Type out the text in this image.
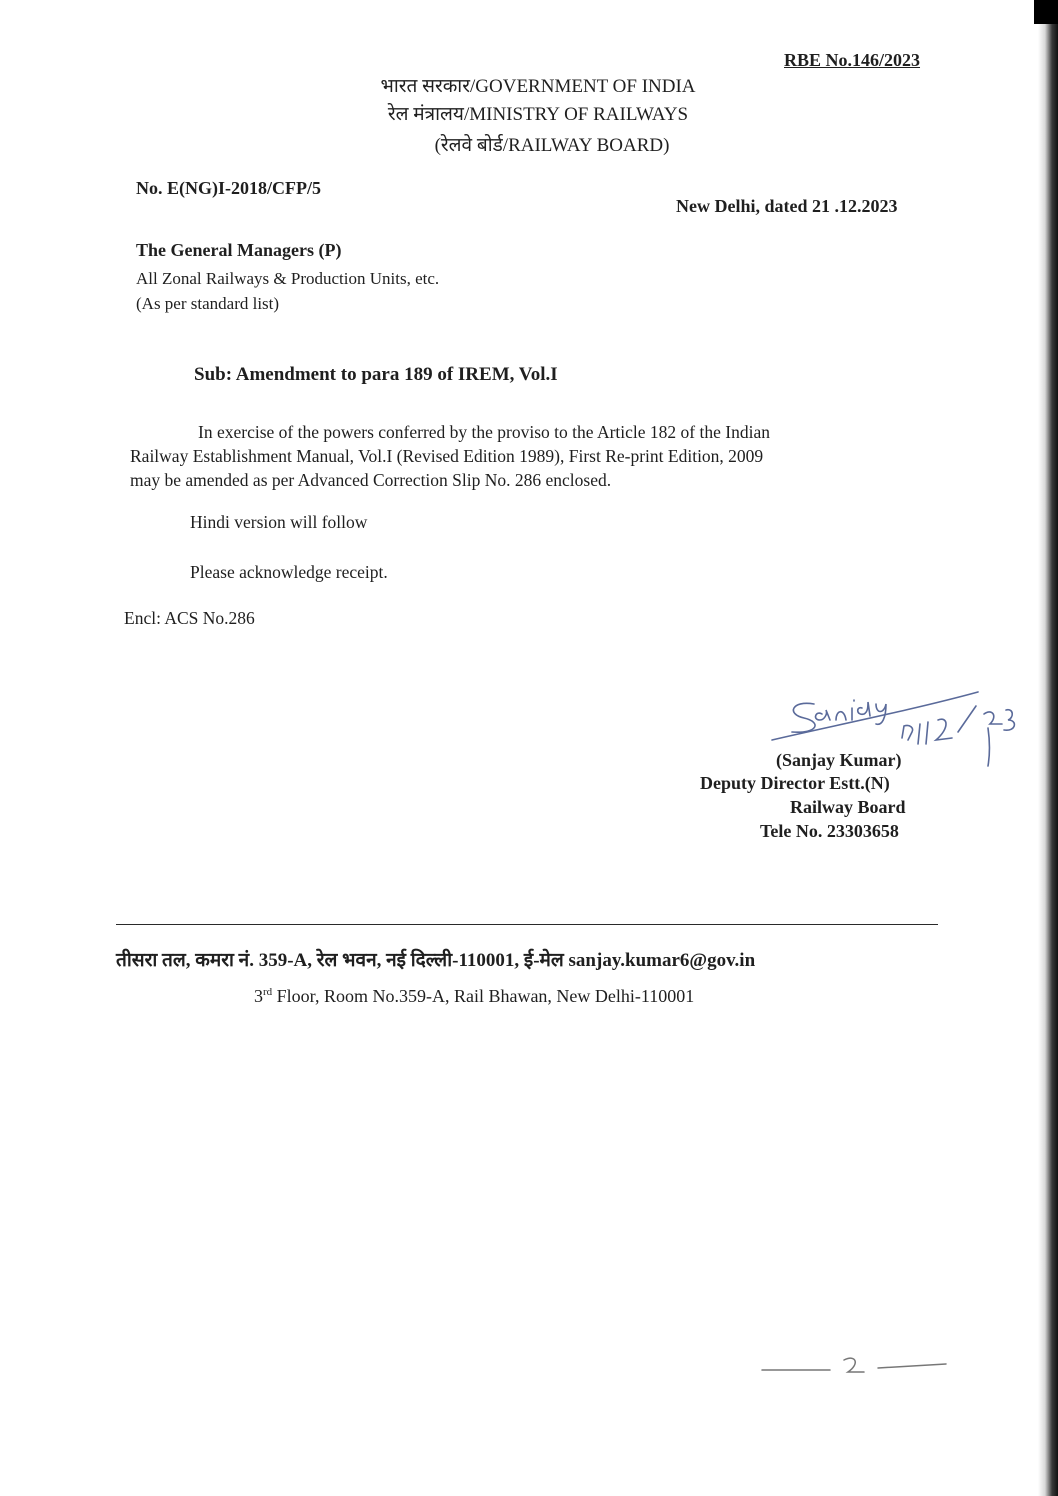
RBE No.146/2023
भारत सरकार/GOVERNMENT OF INDIA
रेल मंत्रालय/MINISTRY OF RAILWAYS
(रेलवे बोर्ड/RAILWAY BOARD)
No. E(NG)I-2018/CFP/5
New Delhi, dated 21 .12.2023
The General Managers (P)
All Zonal Railways & Production Units, etc.
(As per standard list)
Sub: Amendment to para 189 of IREM, Vol.I

In exercise of the powers conferred by the proviso to the Article 182 of the Indian

Railway Establishment Manual, Vol.I (Revised Edition 1989), First Re-print Edition, 2009

may be amended as per Advanced Correction Slip No. 286 enclosed.

Hindi version will follow
Please acknowledge receipt.
Encl: ACS No.286
(Sanjay Kumar)
Deputy Director Estt.(N)
Railway Board
Tele No. 23303658
तीसरा तल, कमरा नं. 359-A, रेल भवन, नई दिल्ली-110001, ई-मेल sanjay.kumar6@gov.in
3rd Floor, Room No.359-A, Rail Bhawan, New Delhi-110001
